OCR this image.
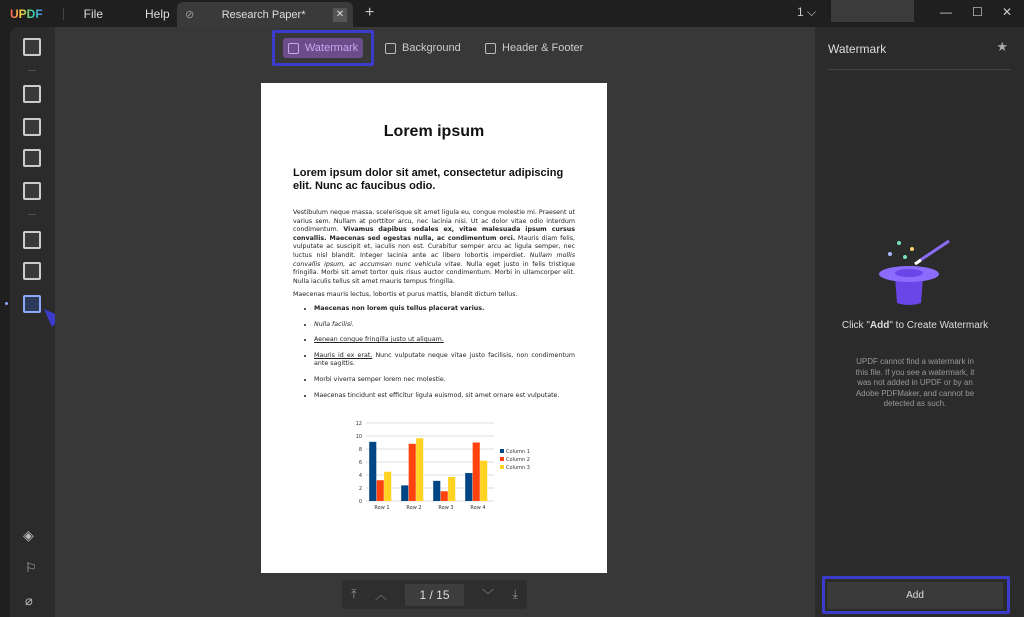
UPDF	File	Help ⊘	Research Paper*	✕ +	1 ⌵	— ☐ ✕
◈
⚐
⌀
Watermark	Background	Header & Footer
Lorem ipsum
Lorem ipsum dolor sit amet, consectetur adipiscing elit. Nunc ac faucibus odio.

Vestibulum neque massa, scelerisque sit amet ligula eu, congue molestie mi. Praesent ut varius sem. Nullam at porttitor arcu, nec lacinia nisi. Ut ac dolor vitae odio interdum condimentum. Vivamus dapibus sodales ex, vitae malesuada ipsum cursus convallis. Maecenas sed egestas nulla, ac condimentum orci. Mauris diam felis, vulputate ac suscipit et, iaculis non est. Curabitur semper arcu ac ligula semper, nec luctus nisl blandit. Integer lacinia ante ac libero lobortis imperdiet. Nullam mollis convallis ipsum, ac accumsan nunc vehicula vitae. Nulla eget justo in felis tristique fringilla. Morbi sit amet tortor quis risus auctor condimentum. Morbi in ullamcorper elit. Nulla iaculis tellus sit amet mauris tempus fringilla.

Maecenas mauris lectus, lobortis et purus mattis, blandit dictum tellus.

• Maecenas non lorem quis tellus placerat varius.
• Nulla facilisi.
• Aenean congue fringilla justo ut aliquam.
• Mauris id ex erat. Nunc vulputate neque vitae justo facilisis, non condimentum ante sagittis.
• Morbi viverra semper lorem nec molestie.
• Maecenas tincidunt est efficitur ligula euismod, sit amet ornare est vulputate.
0
2
4
6
8
10
12
Row 1	Row 2	Row 3	Row 4
Column 1
Column 2
Column 3
⤒ ︿	1 / 15	﹀ ⤓
Watermark	★
Click "Add" to Create Watermark
UPDF cannot find a watermark in this file. If you see a watermark, it was not added in UPDF or by an Adobe PDFMaker, and cannot be detected as such.
Add
